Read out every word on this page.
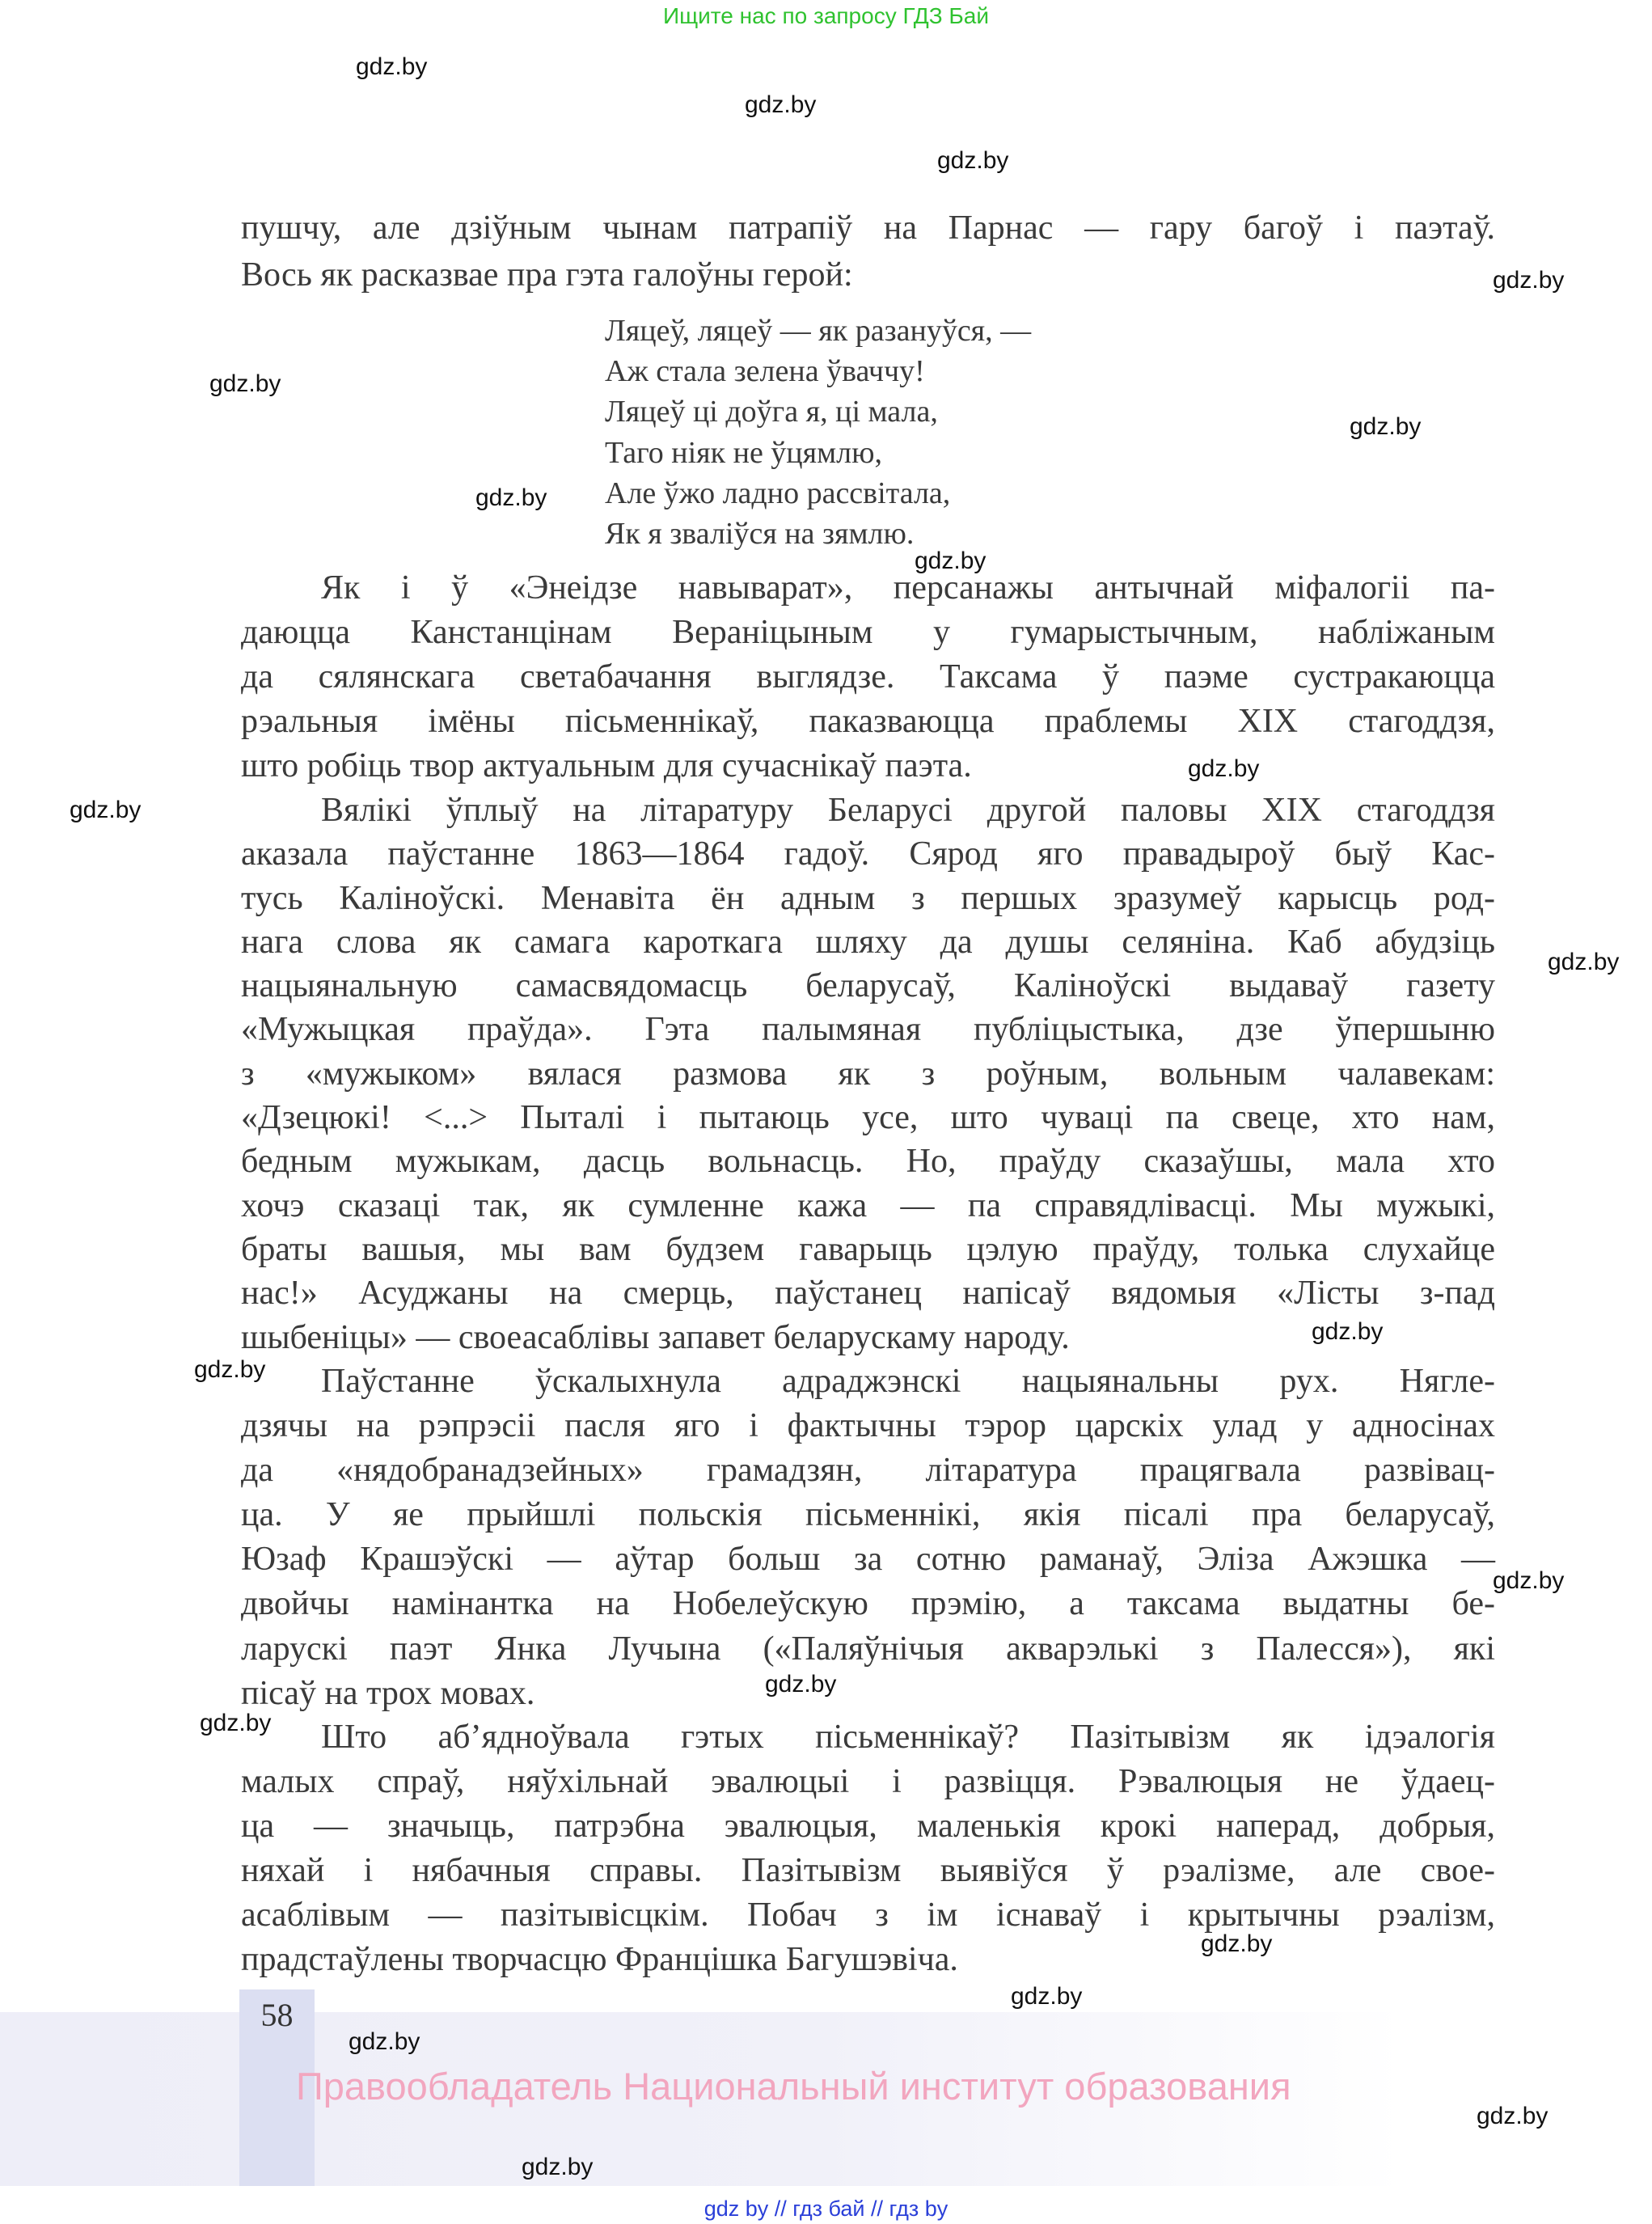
Ищите нас по запросу ГДЗ Бай
58
Правообладатель Национальный институт образования
gdz by // гдз бай // гдз by
пушчу, але дзіўным чынам патрапіў на Парнас — гару багоў і паэтаў.
Вось як расказвае пра гэта галоўны герой:
Ляцеў, ляцеў — як разануўся, —
Аж стала зелена ўваччу!
Ляцеў ці доўга я, ці мала,
Таго ніяк не ўцямлю,
Але ўжо ладно рассвітала,
Як я зваліўся на зямлю.
Як і ў «Энеідзе навыварат», персанажы антычнай міфалогіі па-
даюцца Канстанцінам Вераніцыным у гумарыстычным, набліжаным
да сялянскага светабачання выглядзе. Таксама ў паэме сустракаюцца
рэальныя імёны пісьменнікаў, паказваюцца праблемы XIX стагоддзя,
што робіць твор актуальным для сучаснікаў паэта.
Вялікі ўплыў на літаратуру Беларусі другой паловы XIX стагоддзя
аказала паўстанне 1863—1864 гадоў. Сярод яго правадыроў быў Кас-
тусь Каліноўскі. Менавіта ён адным з першых зразумеў карысць род-
нага слова як самага кароткага шляху да душы селяніна. Каб абудзіць
нацыянальную самасвядомасць беларусаў, Каліноўскі выдаваў газету
«Мужыцкая праўда». Гэта палымяная публіцыстыка, дзе ўпершыню
з «мужыком» вялася размова як з роўным, вольным чалавекам:
«Дзецюкі! <...> Пыталі і пытаюць усе, што чуваці па свеце, хто нам,
бедным мужыкам, дасць вольнасць. Но, праўду сказаўшы, мала хто
хочэ сказаці так, як сумленне кажа — па справядлівасці. Мы мужыкі,
браты вашыя, мы вам будзем гаварыць цэлую праўду, толька слухайце
нас!» Асуджаны на смерць, паўстанец напісаў вядомыя «Лісты з-пад
шыбеніцы» — своеасаблівы запавет беларускаму народу.
Паўстанне ўскалыхнула адраджэнскі нацыянальны рух. Нягле-
дзячы на рэпрэсіі пасля яго і фактычны тэрор царскіх улад у адносінах
да «нядобранадзейных» грамадзян, літаратура працягвала развівац-
ца. У яе прыйшлі польскія пісьменнікі, якія пісалі пра беларусаў,
Юзаф Крашэўскі — аўтар больш за сотню раманаў, Эліза Ажэшка —
двойчы намінантка на Нобелеўскую прэмію, а таксама выдатны бе-
ларускі паэт Янка Лучына («Паляўнічыя акварэлькі з Палесся»), які
пісаў на трох мовах.
Што аб’ядноўвала гэтых пісьменнікаў? Пазітывізм як ідэалогія
малых спраў, няўхільнай эвалюцыі і развіцця. Рэвалюцыя не ўдаец-
ца — значыць, патрэбна эвалюцыя, маленькія крокі наперад, добрыя,
няхай і нябачныя справы. Пазітывізм выявіўся ў рэалізме, але свое-
асаблівым — пазітывісцкім. Побач з ім існаваў і крытычны рэалізм,
прадстаўлены творчасцю Францішка Багушэвіча.
gdz.by
gdz.by
gdz.by
gdz.by
gdz.by
gdz.by
gdz.by
gdz.by
gdz.by
gdz.by
gdz.by
gdz.by
gdz.by
gdz.by
gdz.by
gdz.by
gdz.by
gdz.by
gdz.by
gdz.by
gdz.by
